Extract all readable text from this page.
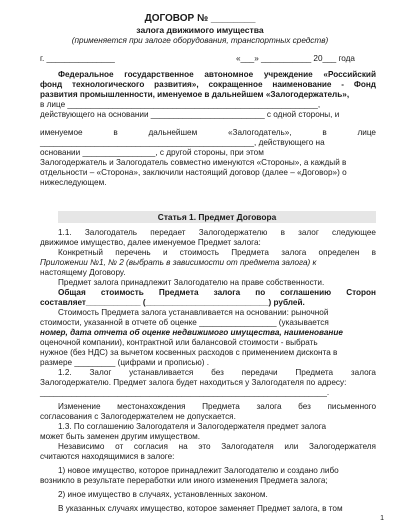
ДОГОВОР № ________
залога движимого имущества
(применяется при залоге оборудования, транспортных средств)
г. _______________	«___» ___________ 20___ года
Федеральное государственное автономное учреждение «Российский
фонд технологического развития», сокращенное наименование - Фонд
развития промышленности, именуемое в дальнейшем «Залогодержатель»,
в лице _______________________________________________________,
действующего на основании _________________________ с одной стороны, и
именуемое в дальнейшем «Залогодатель», в лице
_______________________________________________, действующего на
основании ________________, с другой стороны, при этом
Залогодержатель и Залогодатель совместно именуются «Стороны», а каждый в
отдельности – «Сторона», заключили настоящий договор (далее – «Договор») о
нижеследующем.
Статья 1. Предмет Договора
1.1. Залогодатель передает Залогодержателю в залог следующее
движимое имущество, далее именуемое Предмет залога:
Конкретный перечень и стоимость Предмета залога определен в
Приложении №1, № 2 (выбрать в зависимости от предмета залога) к
настоящему Договору.
Предмет залога принадлежит Залогодателю на праве собственности.
Общая стоимость Предмета залога по соглашению Сторон
составляет____________ (___________________________) рублей.
Стоимость Предмета залога устанавливается на основании: рыночной
стоимости, указанной в отчете об оценке _________________ (указывается
номер, дата отчета об оценке недвижимого имущества, наименование
оценочной компании), контрактной или балансовой стоимости - выбрать
нужное (без НДС) за вычетом косвенных расходов с применением дисконта в
размере _________ (цифрами и прописью) .
1.2. Залог устанавливается без передачи Предмета залога
Залогодержателю. Предмет залога будет находиться у Залогодателя по адресу:
_______________________________________________________________.
Изменение местонахождения Предмета залога без письменного
согласования с Залогодержателем не допускается.
1.3. По соглашению Залогодателя и Залогодержателя предмет залога
может быть заменен другим имуществом.
Независимо от согласия на это Залогодателя или Залогодержателя
считаются находящимися в залоге:
1) новое имущество, которое принадлежит Залогодателю и создано либо
возникло в результате переработки или иного изменения Предмета залога;
2) иное имущество в случаях, установленных законом.
В указанных случаях имущество, которое заменяет Предмет залога, в том
1
